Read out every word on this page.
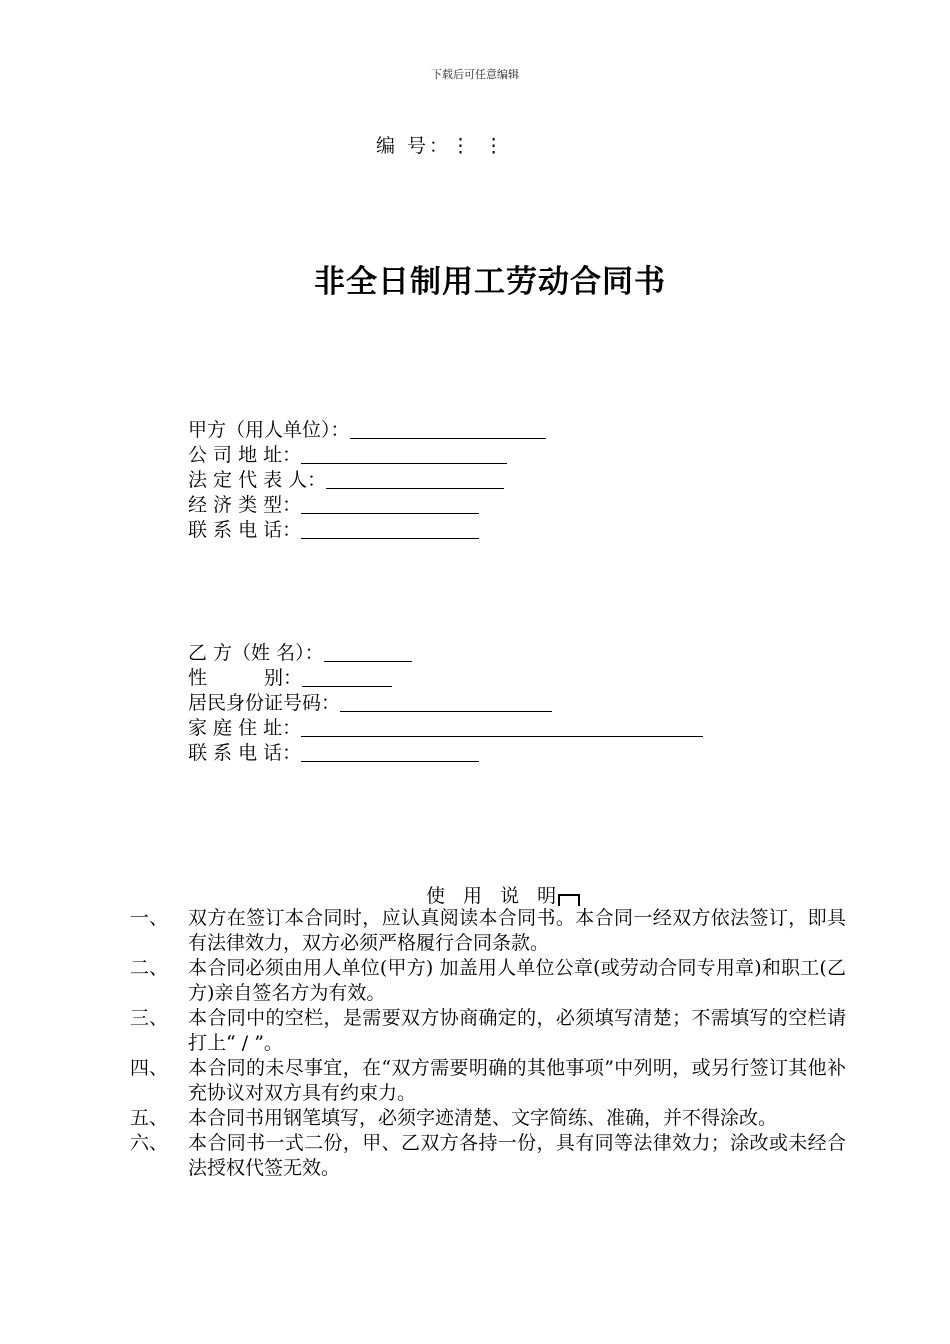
下载后可任意编辑
编 号：⋮ ⋮
非全日制用工劳动合同书
甲方（用人单位）：
公 司 地 址：
法 定 代 表 人：
经 济 类 型：
联 系 电 话：
乙 方（姓 名）：
性　　　别：
居民身份证号码：
家 庭 住 址：
联 系 电 话：
使 用 说 明
一、	双方在签订本合同时，应认真阅读本合同书。本合同一经双方依法签订，即具有法律效力，双方必须严格履行合同条款。
二、	本合同必须由用人单位(甲方) 加盖用人单位公章(或劳动合同专用章)和职工(乙方)亲自签名方为有效。
三、	本合同中的空栏，是需要双方协商确定的，必须填写清楚；不需填写的空栏请打上“ / ”。
四、	本合同的未尽事宜，在“双方需要明确的其他事项”中列明，或另行签订其他补充协议对双方具有约束力。
五、	本合同书用钢笔填写，必须字迹清楚、文字简练、准确，并不得涂改。
六、	本合同书一式二份，甲、乙双方各持一份，具有同等法律效力；涂改或未经合法授权代签无效。
